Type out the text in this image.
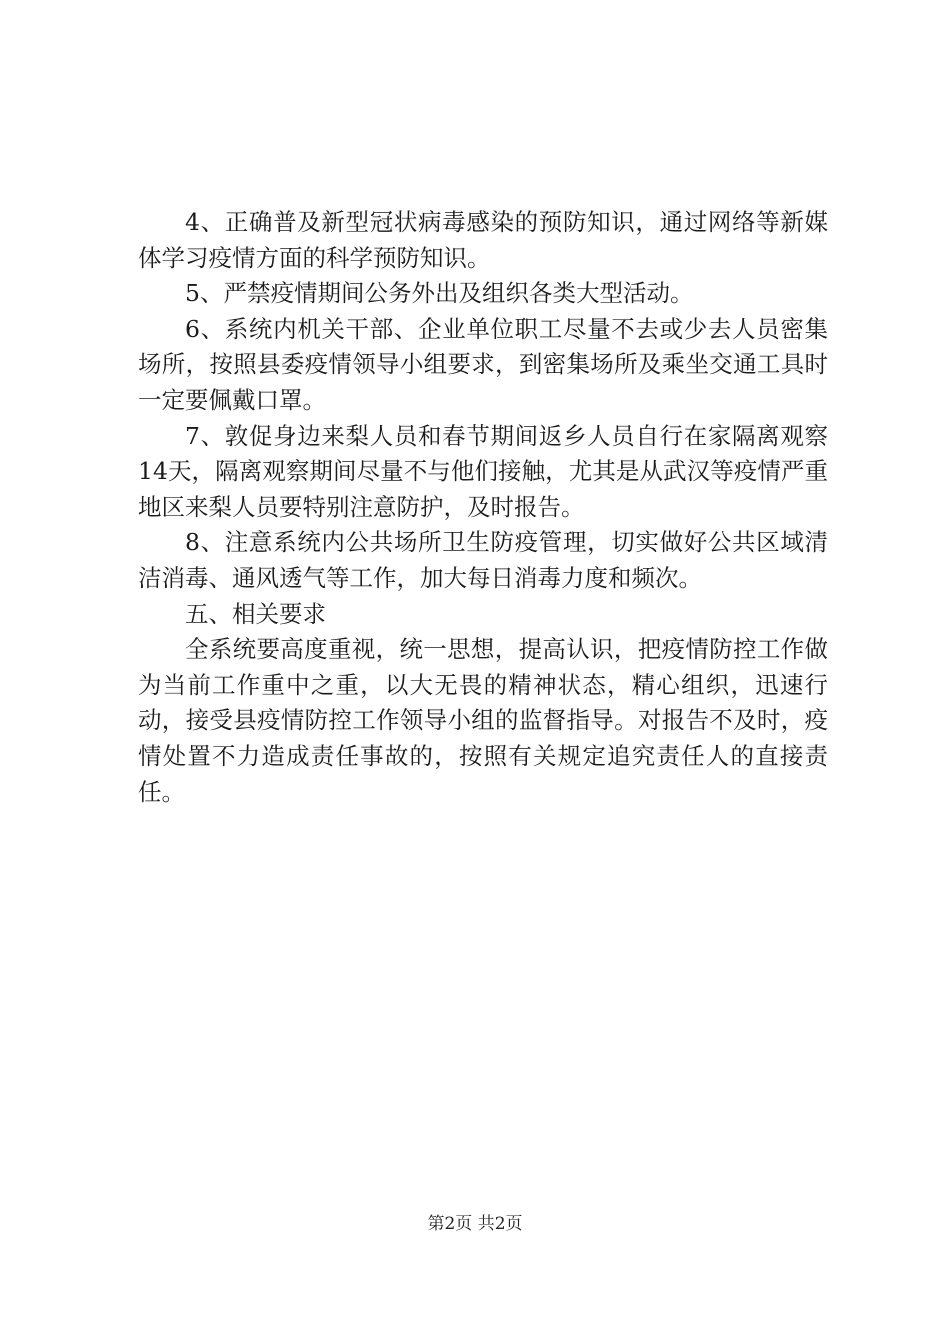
4、正确普及新型冠状病毒感染的预防知识，通过网络等新媒体学习疫情方面的科学预防知识。

5、严禁疫情期间公务外出及组织各类大型活动。

6、系统内机关干部、企业单位职工尽量不去或少去人员密集场所，按照县委疫情领导小组要求，到密集场所及乘坐交通工具时一定要佩戴口罩。

7、敦促身边来梨人员和春节期间返乡人员自行在家隔离观察14天，隔离观察期间尽量不与他们接触，尤其是从武汉等疫情严重地区来梨人员要特别注意防护，及时报告。

8、注意系统内公共场所卫生防疫管理，切实做好公共区域清洁消毒、通风透气等工作，加大每日消毒力度和频次。

五、相关要求

全系统要高度重视，统一思想，提高认识，把疫情防控工作做为当前工作重中之重，以大无畏的精神状态，精心组织，迅速行动，接受县疫情防控工作领导小组的监督指导。对报告不及时，疫情处置不力造成责任事故的，按照有关规定追究责任人的直接责任。

第2页 共2页
